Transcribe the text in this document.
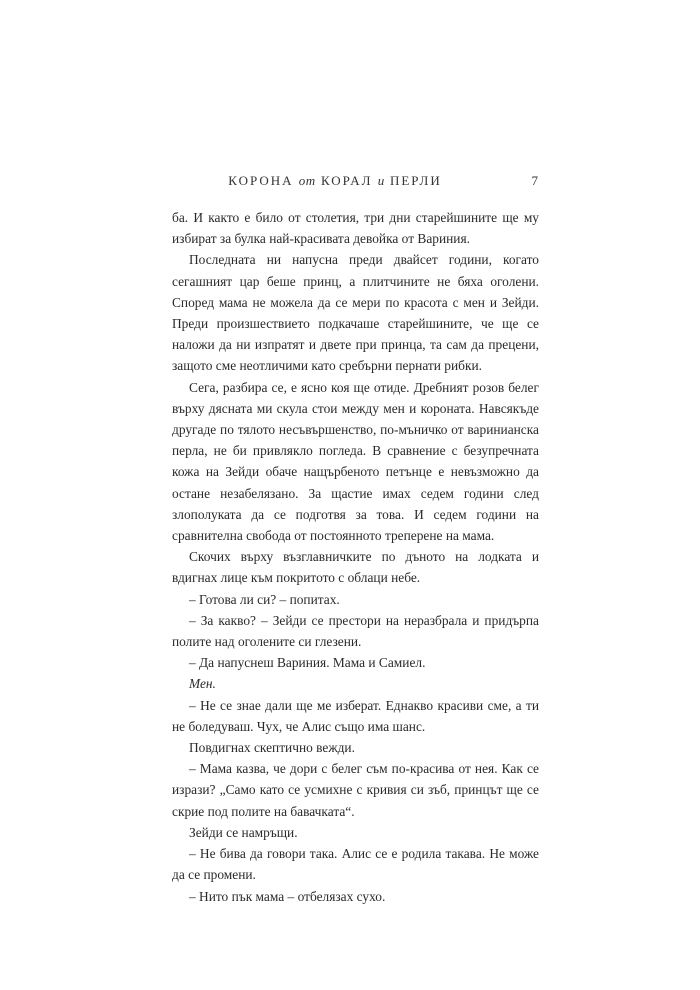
КОРОНА от КОРАЛ и ПЕРЛИ	7

ба. И както е било от столетия, три дни старейшините ще му избират за булка най-красивата девойка от Вариния.

Последната ни напусна преди двайсет години, когато сегашният цар беше принц, а плитчините не бяха оголени. Според мама не можела да се мери по красота с мен и Зейди. Преди произшествието подкачаше старейшините, че ще се наложи да ни изпратят и двете при принца, та сам да прецени, защото сме неотличими като сребърни пернати рибки.

Сега, разбира се, е ясно коя ще отиде. Дребният розов белег върху дясната ми скула стои между мен и короната. Навсякъде другаде по тялото несъвършенство, по-мъничко от варинианска перла, не би привлякло погледа. В сравнение с безупречната кожа на Зейди обаче нащърбеното петънце е невъзможно да остане незабелязано. За щастие имах седем години след злополуката да се подготвя за това. И седем години на сравнителна свобода от постоянното треперене на мама.

Скочих върху възглавничките по дъното на лодката и вдигнах лице към покритото с облаци небе.

– Готова ли си? – попитах.

– За какво? – Зейди се престори на неразбрала и придърпа полите над оголените си глезени.

– Да напуснеш Вариния. Мама и Самиел.

Мен.

– Не се знае дали ще ме изберат. Еднакво красиви сме, а ти не боледуваш. Чух, че Алис също има шанс.

Повдигнах скептично вежди.

– Мама казва, че дори с белег съм по-красива от нея. Как се изрази? „Само като се усмихне с кривия си зъб, принцът ще се скрие под полите на бавачката“.

Зейди се намръщи.

– Не бива да говори така. Алис се е родила такава. Не може да се промени.

– Нито пък мама – отбелязах сухо.
